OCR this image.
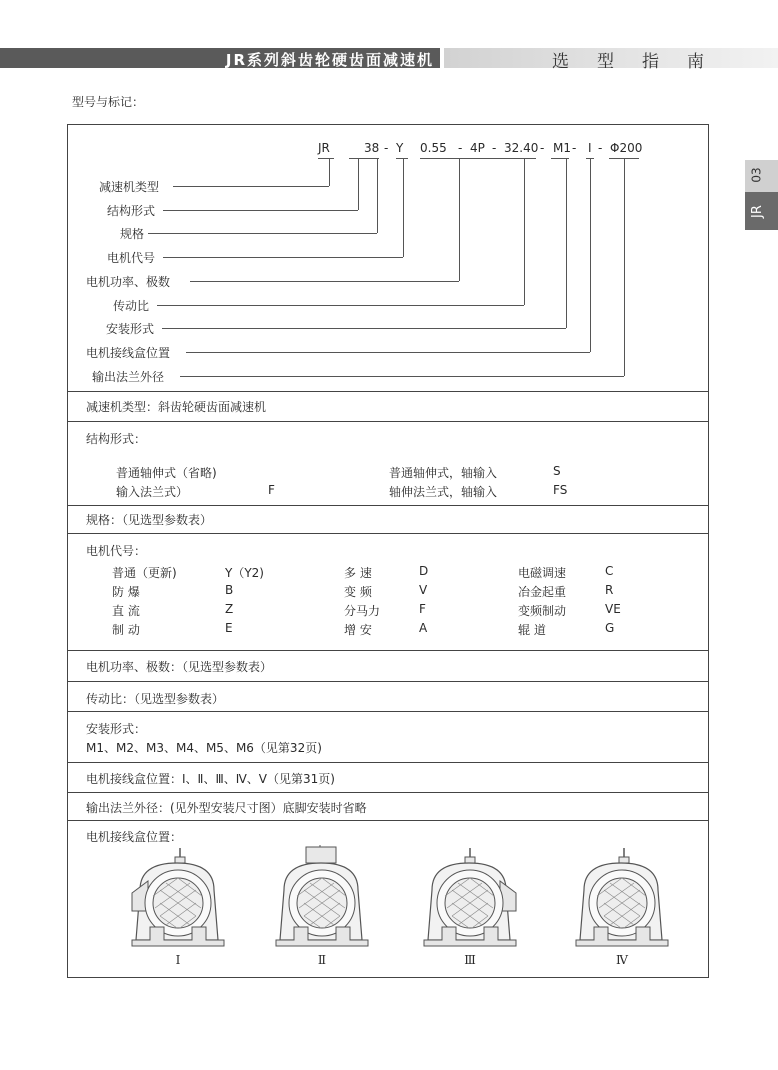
JR系列斜齿轮硬齿面减速机	选型指南
03
JR
型号与标记：
JR	38 - Y 0.55 - 4P - 32.40 - M1 - I - Φ200
减速机类型
结构形式
规格
电机代号
电机功率、极数
传动比
安装形式
电机接线盒位置
输出法兰外径
减速机类型：斜齿轮硬齿面减速机
结构形式：
普通轴伸式（省略)	普通轴伸式，轴输入	S
输入法兰式）	F	轴伸法兰式，轴输入	FS
规格：（见选型参数表）
电机代号：
普通（更新)	Y（Y2)	多 速	D	电磁调速	C
防 爆	B	变 频	V	冶金起重	R
直 流	Z	分马力	F	变频制动	VE
制 动	E	增 安	A	辊 道	G
电机功率、极数：（见选型参数表）
传动比：（见选型参数表）
安装形式：
M1、M2、M3、M4、M5、M6（见第32页)
电机接线盒位置：Ⅰ、Ⅱ、Ⅲ、Ⅳ、Ⅴ（见第31页)
输出法兰外径：(见外型安装尺寸图）底脚安装时省略
电机接线盒位置：
Ⅰ	Ⅱ	Ⅲ	Ⅳ
